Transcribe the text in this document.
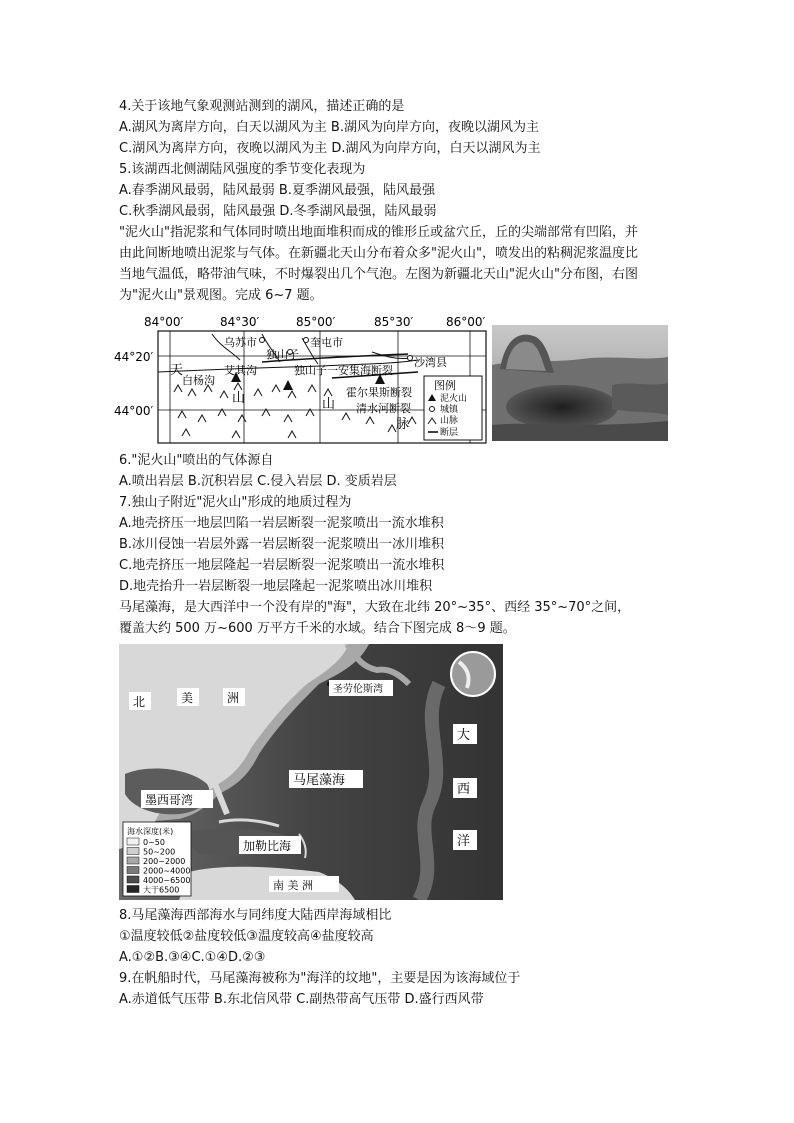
4.关于该地气象观测站测到的湖风，描述正确的是
A.湖风为离岸方向，白天以湖风为主 B.湖风为向岸方向，夜晚以湖风为主
C.湖风为离岸方向，夜晚以湖风为主 D.湖风为向岸方向，白天以湖风为主
5.该湖西北侧湖陆风强度的季节变化表现为
A.春季湖风最弱，陆风最弱 B.夏季湖风最强，陆风最强
C.秋季湖风最弱，陆风最强 D.冬季湖风最强，陆风最弱
"泥火山"指泥浆和气体同时喷出地面堆积而成的锥形丘或盆穴丘，丘的尖端部常有凹陷，并
由此间断地喷出泥浆与气体。在新疆北天山分布着众多"泥火山"，喷发出的粘稠泥浆温度比
当地气温低，略带油气味，不时爆裂出几个气泡。左图为新疆北天山"泥火山"分布图，右图
为"泥火山"景观图。完成 6~7 题。
84°00′	84°30′	85°00′	85°30′	86°00′
44°20′
44°00′
乌苏市	奎屯市
独山子
沙湾县
天
白杨沟
艾其沟
山
独山子一安集海断裂
霍尔果斯断裂
清水河断裂
山
脉
图例
泥火山
城镇
山脉
断层
6."泥火山"喷出的气体源自
A.喷出岩层 B.沉积岩层 C.侵入岩层 D. 变质岩层
7.独山子附近"泥火山"形成的地质过程为
A.地壳挤压一地层凹陷一岩层断裂一泥浆喷出一流水堆积
B.冰川侵蚀一岩层外露一岩层断裂一泥浆喷出一冰川堆积
C.地壳挤压一地层隆起一岩层断裂一泥浆喷出一流水堆积
D.地壳抬升一岩层断裂一地层隆起一泥浆喷出冰川堆积
马尾藻海，是大西洋中一个没有岸的"海"，大致在北纬 20°~35°、西经 35°~70°之间，
覆盖大约 500 万~600 万平方千米的水域。结合下图完成 8～9 题。
北	美	洲
圣劳伦斯湾
马尾藻海
大
西
洋
墨西哥湾
加勒比海
南 美 洲
海水深度(米)
0~50
50~200
200~2000
2000~4000
4000~6500
大于6500
8.马尾藻海西部海水与同纬度大陆西岸海域相比
①温度较低②盐度较低③温度较高④盐度较高
A.①②B.③④C.①④D.②③
9.在帆船时代，马尾藻海被称为"海洋的坟地"，主要是因为该海域位于
A.赤道低气压带 B.东北信风带 C.副热带高气压带 D.盛行西风带
